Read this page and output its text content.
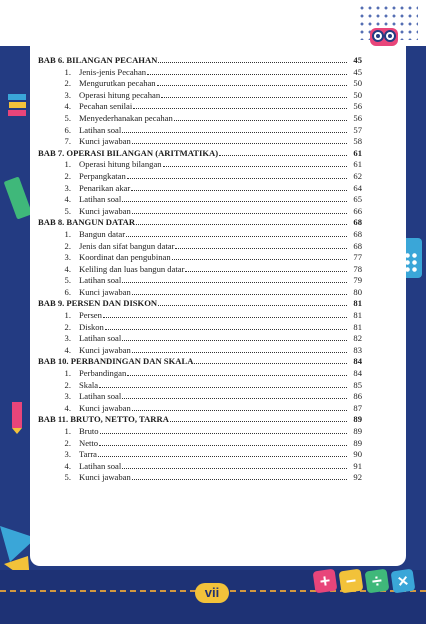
BAB 6. BILANGAN PECAHAN	45
1. Jenis-jenis Pecahan	45
2. Mengurutkan pecahan	50
3. Operasi hitung pecahan	50
4. Pecahan senilai	56
5. Menyederhanakan pecahan	56
6. Latihan soal	57
7. Kunci jawaban	58
BAB 7. OPERASI BILANGAN (ARITMATIKA)	61
1. Operasi hitung bilangan	61
2. Perpangkatan	62
3. Penarikan akar	64
4. Latihan soal	65
5. Kunci jawaban	66
BAB 8. BANGUN DATAR	68
1. Bangun datar	68
2. Jenis dan sifat bangun datar	68
3. Koordinat dan pengubinan	77
4. Keliling dan luas bangun datar	78
5. Latihan soal	79
6. Kunci jawaban	80
BAB 9. PERSEN DAN DISKON	81
1. Persen	81
2. Diskon	81
3. Latihan soal	82
4. Kunci jawaban	83
BAB 10. PERBANDINGAN DAN SKALA	84
1. Perbandingan	84
2. Skala	85
3. Latihan soal	86
4. Kunci jawaban	87
BAB 11. BRUTO, NETTO, TARRA	89
1. Bruto	89
2. Netto	89
3. Tarra	90
4. Latihan soal	91
5. Kunci jawaban	92
vii
+ − ÷ ×
